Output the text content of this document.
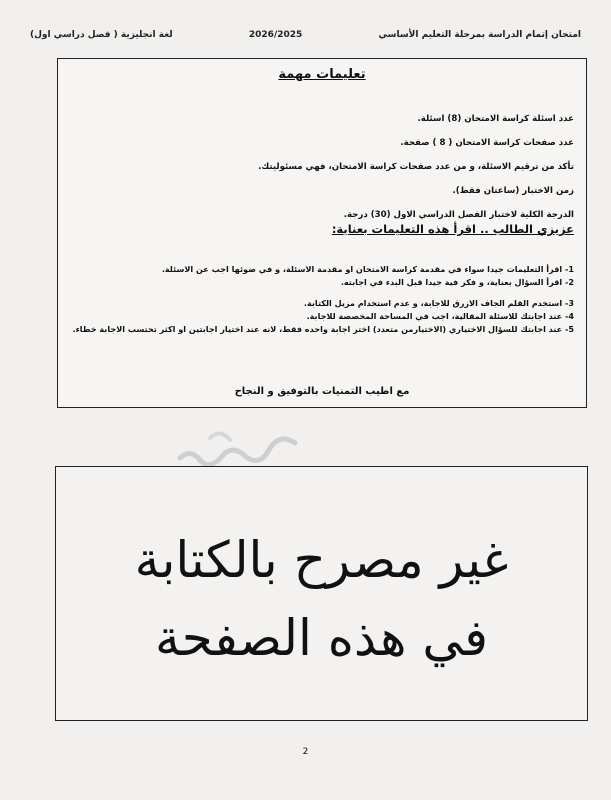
لغة انجليزية ( فصل دراسي اول)	2026/2025	امتحان إتمام الدراسة بمرحلة التعليم الأساسي
تعليمات مهمة
عدد اسئلة كراسة الامتحان (8) اسئلة.
عدد صفحات كراسة الامتحان ( 8 ) صفحة.
تأكد من ترقيم الاسئلة، و من عدد صفحات كراسة الامتحان، فهي مسئوليتك.
زمن الاختبار (ساعتان فقط).
الدرجة الكلية لاختبار الفصل الدراسي الاول (30) درجة.
عزيزي الطالب .. اقرأ هذه التعليمات بعناية:
1- اقرأ التعليمات جيدا سواء في مقدمة كراسة الامتحان او مقدمة الاسئلة، و في ضوئها اجب عن الاسئلة.
2- اقرأ السؤال بعناية، و فكر فية جيدا قبل البدء في اجابته.
3- استخدم القلم الجاف الازرق للاجابة، و عدم استخدام مزيل الكتابة.
4- عند اجابتك للاسئلة المقالية، اجب في المساحة المخصصة للاجابة.
5- عند اجابتك للسؤال الاختياري (الاختيارمن متعدد) اختر اجابة واحده فقط، لانه عند اختيار اجابتين او اكثر تحتسب الاجابة خطاء.
مع اطيب التمنيات بالتوفيق و النجاح
غير مصرح بالكتابة
في هذه الصفحة
2
